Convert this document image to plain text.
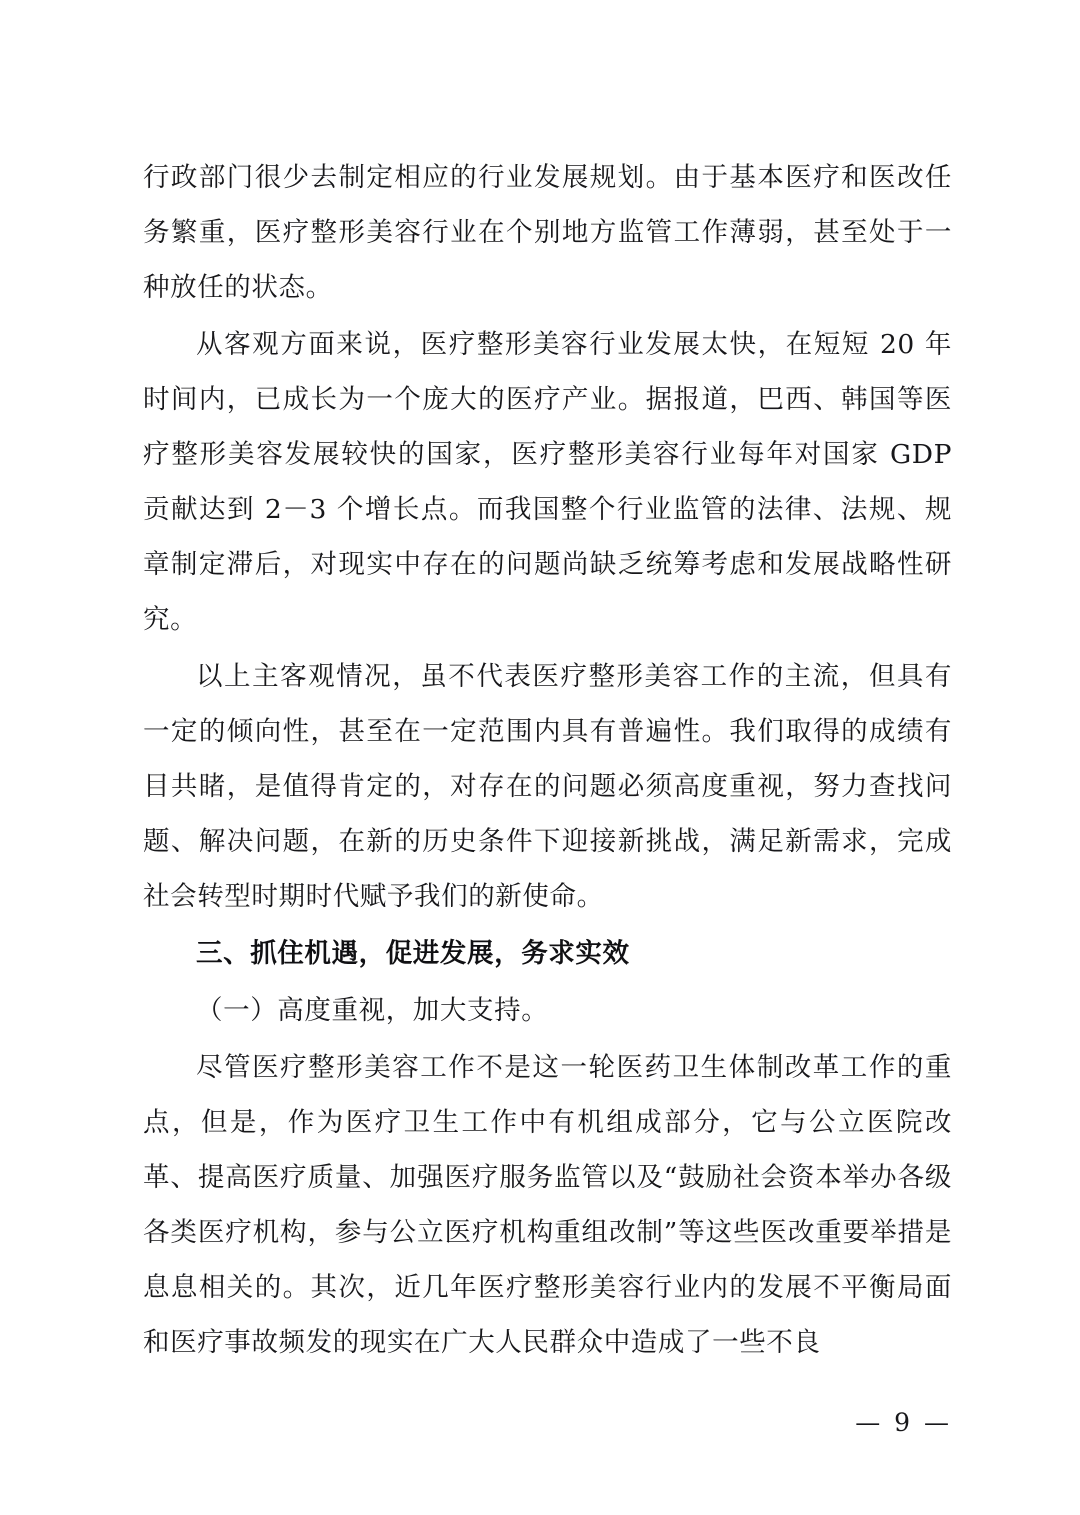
行政部门很少去制定相应的行业发展规划。由于基本医疗和医改任务繁重，医疗整形美容行业在个别地方监管工作薄弱，甚至处于一种放任的状态。

从客观方面来说，医疗整形美容行业发展太快，在短短 20 年时间内，已成长为一个庞大的医疗产业。据报道，巴西、韩国等医疗整形美容发展较快的国家，医疗整形美容行业每年对国家 GDP 贡献达到 2－3 个增长点。而我国整个行业监管的法律、法规、规章制定滞后，对现实中存在的问题尚缺乏统筹考虑和发展战略性研究。

以上主客观情况，虽不代表医疗整形美容工作的主流，但具有一定的倾向性，甚至在一定范围内具有普遍性。我们取得的成绩有目共睹，是值得肯定的，对存在的问题必须高度重视，努力查找问题、解决问题，在新的历史条件下迎接新挑战，满足新需求，完成社会转型时期时代赋予我们的新使命。

三、抓住机遇，促进发展，务求实效

（一）高度重视，加大支持。

尽管医疗整形美容工作不是这一轮医药卫生体制改革工作的重点，但是，作为医疗卫生工作中有机组成部分，它与公立医院改革、提高医疗质量、加强医疗服务监管以及“鼓励社会资本举办各级各类医疗机构，参与公立医疗机构重组改制”等这些医改重要举措是息息相关的。其次，近几年医疗整形美容行业内的发展不平衡局面和医疗事故频发的现实在广大人民群众中造成了一些不良

— 9 —
